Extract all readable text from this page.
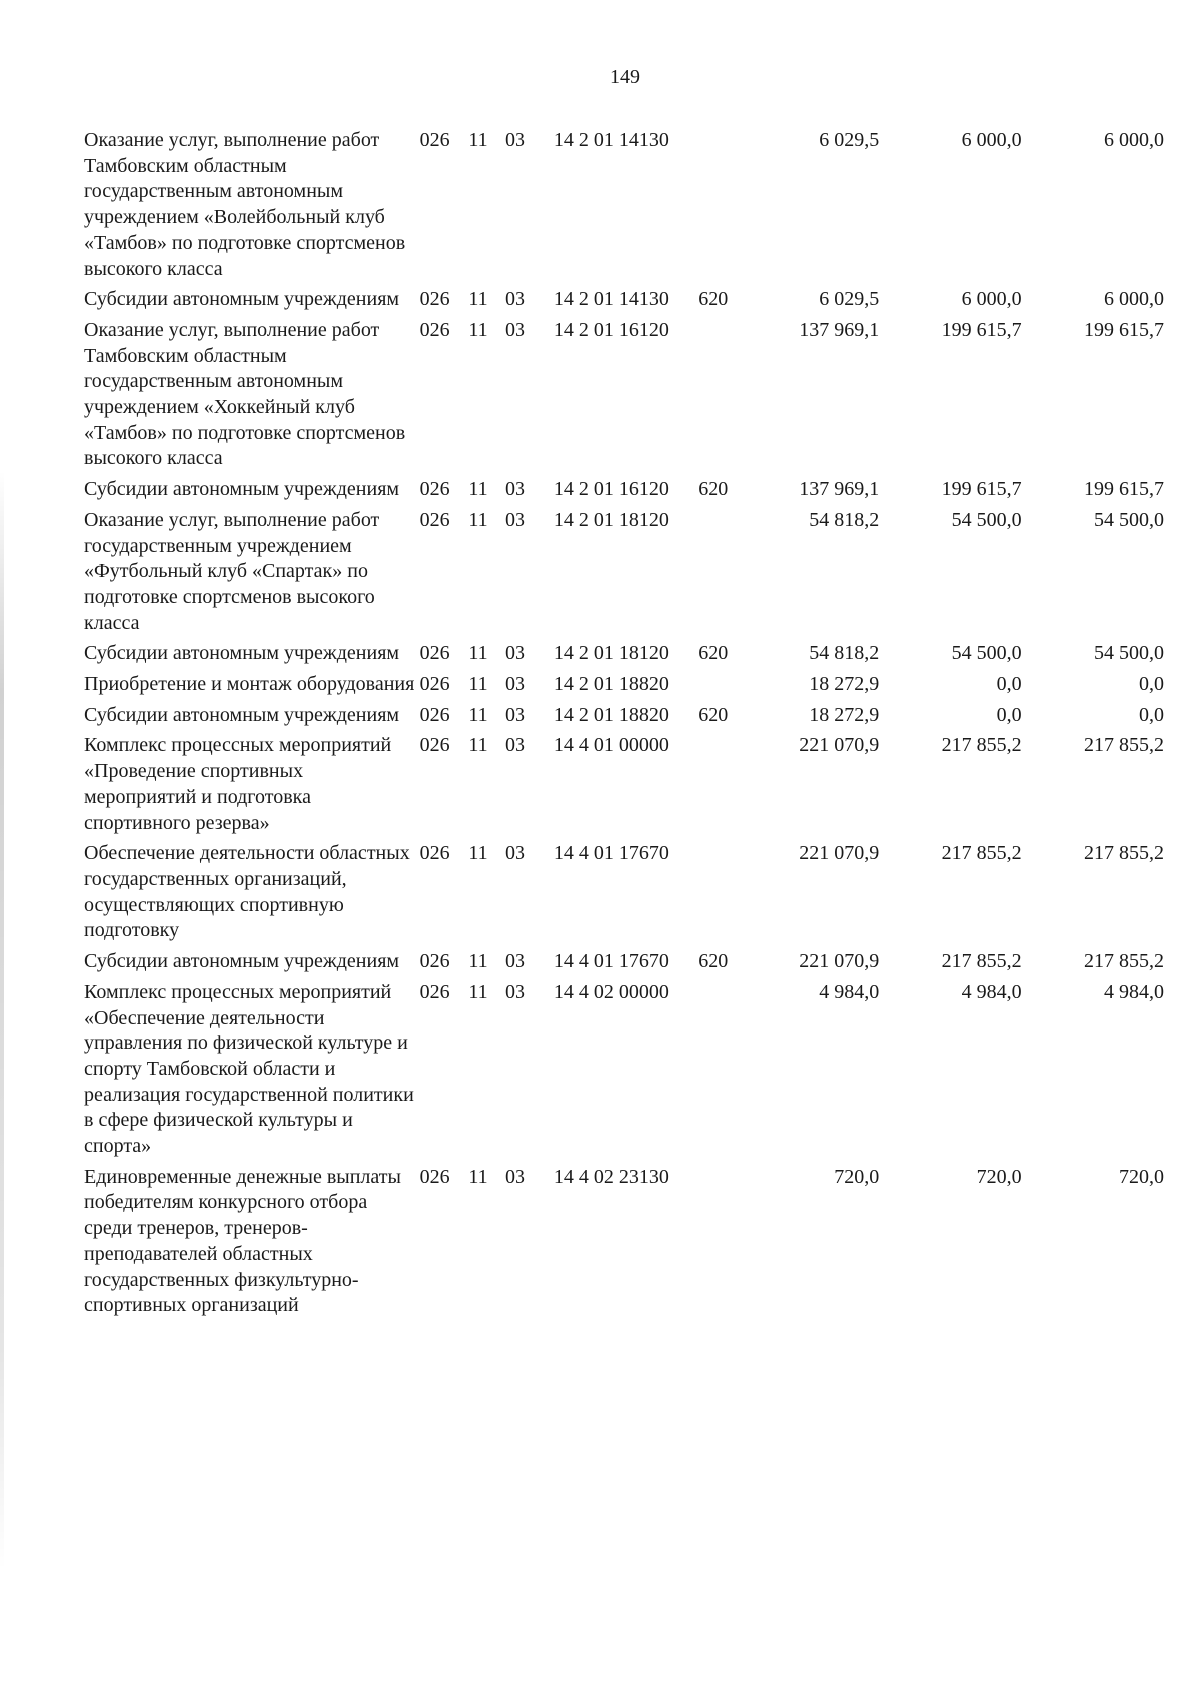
149
Оказание услуг, выполнение работ Тамбовским областным государственным автономным учреждением «Волейбольный клуб «Тамбов» по подготовке спортсменов высокого класса	026	11	03	14 2 01 14130		6 029,5	6 000,0	6 000,0
Субсидии автономным учреждениям	026	11	03	14 2 01 14130	620	6 029,5	6 000,0	6 000,0
Оказание услуг, выполнение работ Тамбовским областным государственным автономным учреждением «Хоккейный клуб «Тамбов» по подготовке спортсменов высокого класса	026	11	03	14 2 01 16120		137 969,1	199 615,7	199 615,7
Субсидии автономным учреждениям	026	11	03	14 2 01 16120	620	137 969,1	199 615,7	199 615,7
Оказание услуг, выполнение работ государственным учреждением «Футбольный клуб «Спартак» по подготовке спортсменов высокого класса	026	11	03	14 2 01 18120		54 818,2	54 500,0	54 500,0
Субсидии автономным учреждениям	026	11	03	14 2 01 18120	620	54 818,2	54 500,0	54 500,0
Приобретение и монтаж оборудования	026	11	03	14 2 01 18820		18 272,9	0,0	0,0
Субсидии автономным учреждениям	026	11	03	14 2 01 18820	620	18 272,9	0,0	0,0
Комплекс процессных мероприятий «Проведение спортивных мероприятий и подготовка спортивного резерва»	026	11	03	14 4 01 00000		221 070,9	217 855,2	217 855,2
Обеспечение деятельности областных государственных организаций, осуществляющих спортивную подготовку	026	11	03	14 4 01 17670		221 070,9	217 855,2	217 855,2
Субсидии автономным учреждениям	026	11	03	14 4 01 17670	620	221 070,9	217 855,2	217 855,2
Комплекс процессных мероприятий «Обеспечение деятельности управления по физической культуре и спорту Тамбовской области и реализация государственной политики в сфере физической культуры и спорта»	026	11	03	14 4 02 00000		4 984,0	4 984,0	4 984,0
Единовременные денежные выплаты победителям конкурсного отбора среди тренеров, тренеров-преподавателей областных государственных физкультурно-спортивных организаций	026	11	03	14 4 02 23130		720,0	720,0	720,0
